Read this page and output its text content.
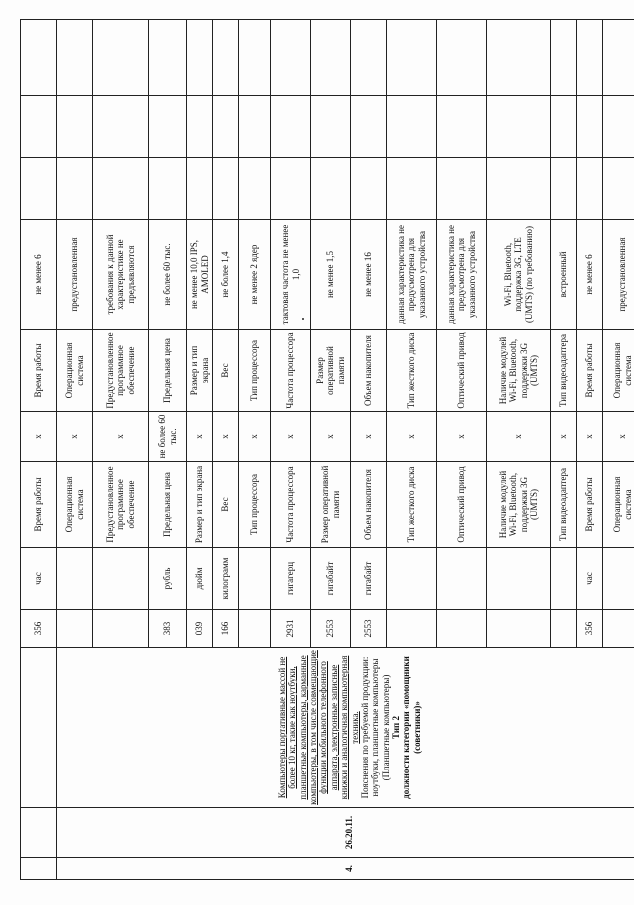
			356	час	Время работы	х	Время работы	не менее 6			
4.	26.20.11.	Компьютеры портативные массой не более 10 кг, такие как ноутбуки, планшетные компьютеры, карманные компьютеры, в том числе совмещающие функции мобильного телефонного аппарата, электронные записные книжки и аналогичная компьютерная техника. Пояснения по требуемой продукции: ноутбуки, планшетные компьютеры (Планшетные компьютеры) Тип 2 должности категории «помощники (советники)»			Операционная система	х	Операционная система	предустановленная			
					Предустановленное программное обеспечение	х	Предустановленное программное обеспечение	требования к данной характеристике не предъявляются			
			383	рубль	Предельная цена	не более 60 тыс.	Предельная цена	не более 60 тыс.			
			039	дюйм	Размер и тип экрана	х	Размер и тип экрана	не менее 10,0 IPS, AMOLED			
			166	килограмм	Вес	х	Вес	не более 1,4			
					Тип процессора	х	Тип процессора	не менее 2 ядер			
			2931	гигагерц	Частота процессора	х	Частота процессора	тактовая частота не менее 1,0			
			2553	гигабайт	Размер оперативной памяти	х	Размер оперативной памяти	не менее 1,5			
			2553	гигабайт	Объем накопителя	х	Объем накопителя	не менее 16			
					Тип жесткого диска	х	Тип жесткого диска	данная характеристика не предусмотрена для указанного устройства			
					Оптический привод	х	Оптический привод	данная характеристика не предусмотрена для указанного устройства			
					Наличие модулей Wi-Fi, Bluetooth, поддержки 3G (UMTS)	х	Наличие модулей Wi-Fi, Bluetooth, поддержки 3G (UMTS)	Wi-Fi, Bluetooth, поддержка 3G, LTE (UMTS) (по требованию)			
					Тип видеоадаптера	х	Тип видеоадаптера	встроенный			
			356	час	Время работы	х	Время работы	не менее 6			
					Операционная система	х	Операционная система	предустановленная			
